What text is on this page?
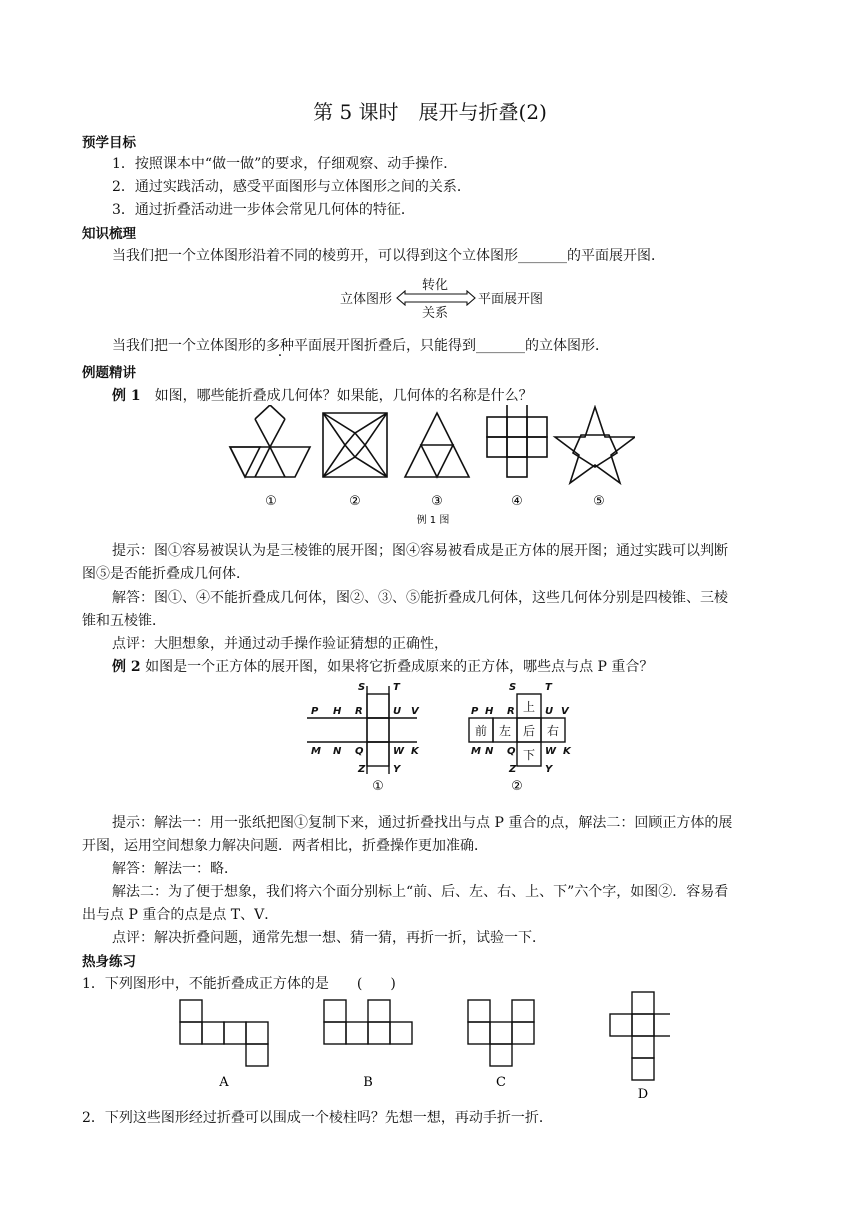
第 5 课时　展开与折叠(2)
预学目标
1．按照课本中“做一做”的要求，仔细观察、动手操作．
2．通过实践活动，感受平面图形与立体图形之间的关系．
3．通过折叠活动进一步体会常见几何体的特征．
知识梳理
当我们把一个立体图形沿着不同的棱剪开，可以得到这个立体图形_______的平面展开图．
立体图形
转化
关系
平面展开图
当我们把一个立体图形的多种平面展开图折叠后，只能得到_______的立体图形．
例题精讲
例 1　如图，哪些能折叠成几何体？如果能，几何体的名称是什么？
①	②	③	④	⑤
例 1 图
提示：图①容易被误认为是三棱锥的展开图；图④容易被看成是正方体的展开图；通过实践可以判断
图⑤是否能折叠成几何体．
解答：图①、④不能折叠成几何体，图②、③、⑤能折叠成几何体，这些几何体分别是四棱锥、三棱
锥和五棱锥．
点评：大胆想象，并通过动手操作验证猜想的正确性，
例 2 如图是一个正方体的展开图，如果将它折叠成原来的正方体，哪些点与点 P 重合？
S	T
P H R	U V
M N Q	W K
Z	Y
S	T
P H R	U V
M N Q	W K
Z	Y
上
前 左 后 右
下
①	②
提示：解法一：用一张纸把图①复制下来，通过折叠找出与点 P 重合的点，解法二：回顾正方体的展
开图，运用空间想象力解决问题．两者相比，折叠操作更加准确．
解答：解法一：略．
解法二：为了便于想象，我们将六个面分别标上“前、后、左、右、上、下”六个字，如图②．容易看
出与点 P 重合的点是点 T、V．
点评：解决折叠问题，通常先想一想、猜一猜，再折一折，试验一下．
热身练习
1．下列图形中，不能折叠成正方体的是　　(　　)
A	B	C
D
2．下列这些图形经过折叠可以围成一个棱柱吗？先想一想，再动手折一折．
